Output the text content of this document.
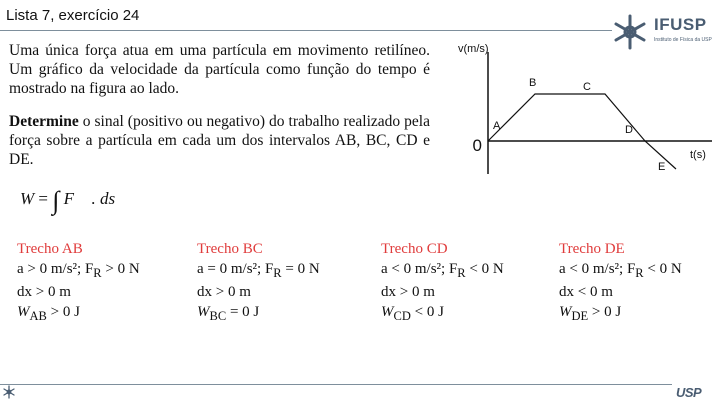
Lista 7, exercício 24	IFUSP
Instituto de Física da USP
Uma única força atua em uma partícula em movimento retilíneo. Um gráfico da velocidade da partícula como função do tempo é mostrado na figura ao lado.
Determine o sinal (positivo ou negativo) do trabalho realizado pela força sobre a partícula em cada um dos intervalos AB, BC, CD e DE.
v(m/s)
t(s)
0
A
B	C
D
E
W = ∫ F⃗ . ds⃗
Trecho AB
a > 0 m/s²; $F_R > 0$ N
dx > 0 m
$W_{AB} > 0$ J
Trecho BC
a = 0 m/s²; $F_R = 0$ N
dx > 0 m
$W_{BC} = 0$ J
Trecho CD
a < 0 m/s²; $F_R < 0$ N
dx > 0 m
$W_{CD} < 0$ J
Trecho DE
a < 0 m/s²; $F_R < 0$ N
dx < 0 m
$W_{DE} > 0$ J
USP
